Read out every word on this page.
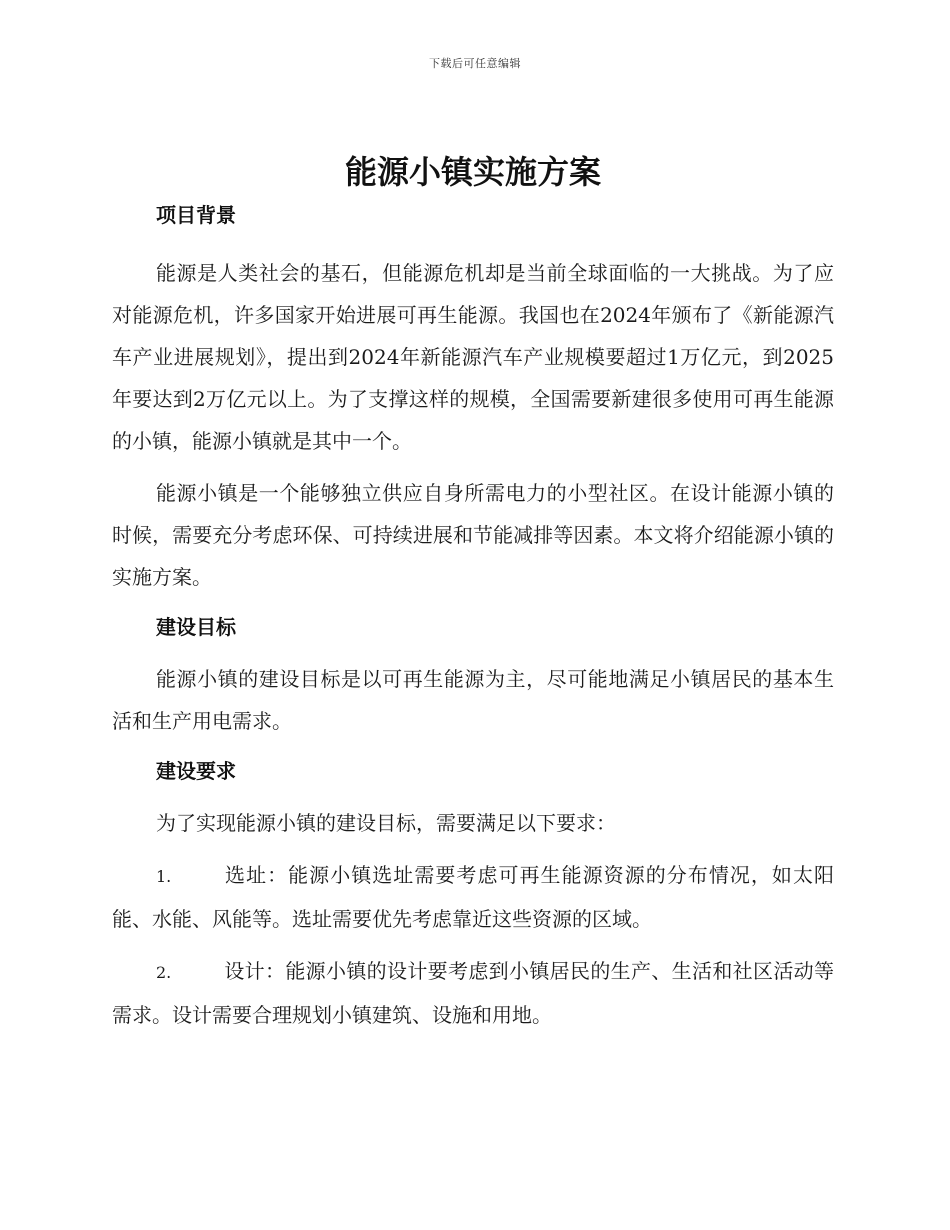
下载后可任意编辑
能源小镇实施方案
项目背景

能源是人类社会的基石，但能源危机却是当前全球面临的一大挑战。为了应对能源危机，许多国家开始进展可再生能源。我国也在2024年颁布了《新能源汽车产业进展规划》，提出到2024年新能源汽车产业规模要超过1万亿元，到2025年要达到2万亿元以上。为了支撑这样的规模，全国需要新建很多使用可再生能源的小镇，能源小镇就是其中一个。

能源小镇是一个能够独立供应自身所需电力的小型社区。在设计能源小镇的时候，需要充分考虑环保、可持续进展和节能减排等因素。本文将介绍能源小镇的实施方案。

建设目标

能源小镇的建设目标是以可再生能源为主，尽可能地满足小镇居民的基本生活和生产用电需求。

建设要求

为了实现能源小镇的建设目标，需要满足以下要求：

1.	选址：能源小镇选址需要考虑可再生能源资源的分布情况，如太阳能、水能、风能等。选址需要优先考虑靠近这些资源的区域。

2.	设计：能源小镇的设计要考虑到小镇居民的生产、生活和社区活动等需求。设计需要合理规划小镇建筑、设施和用地。
